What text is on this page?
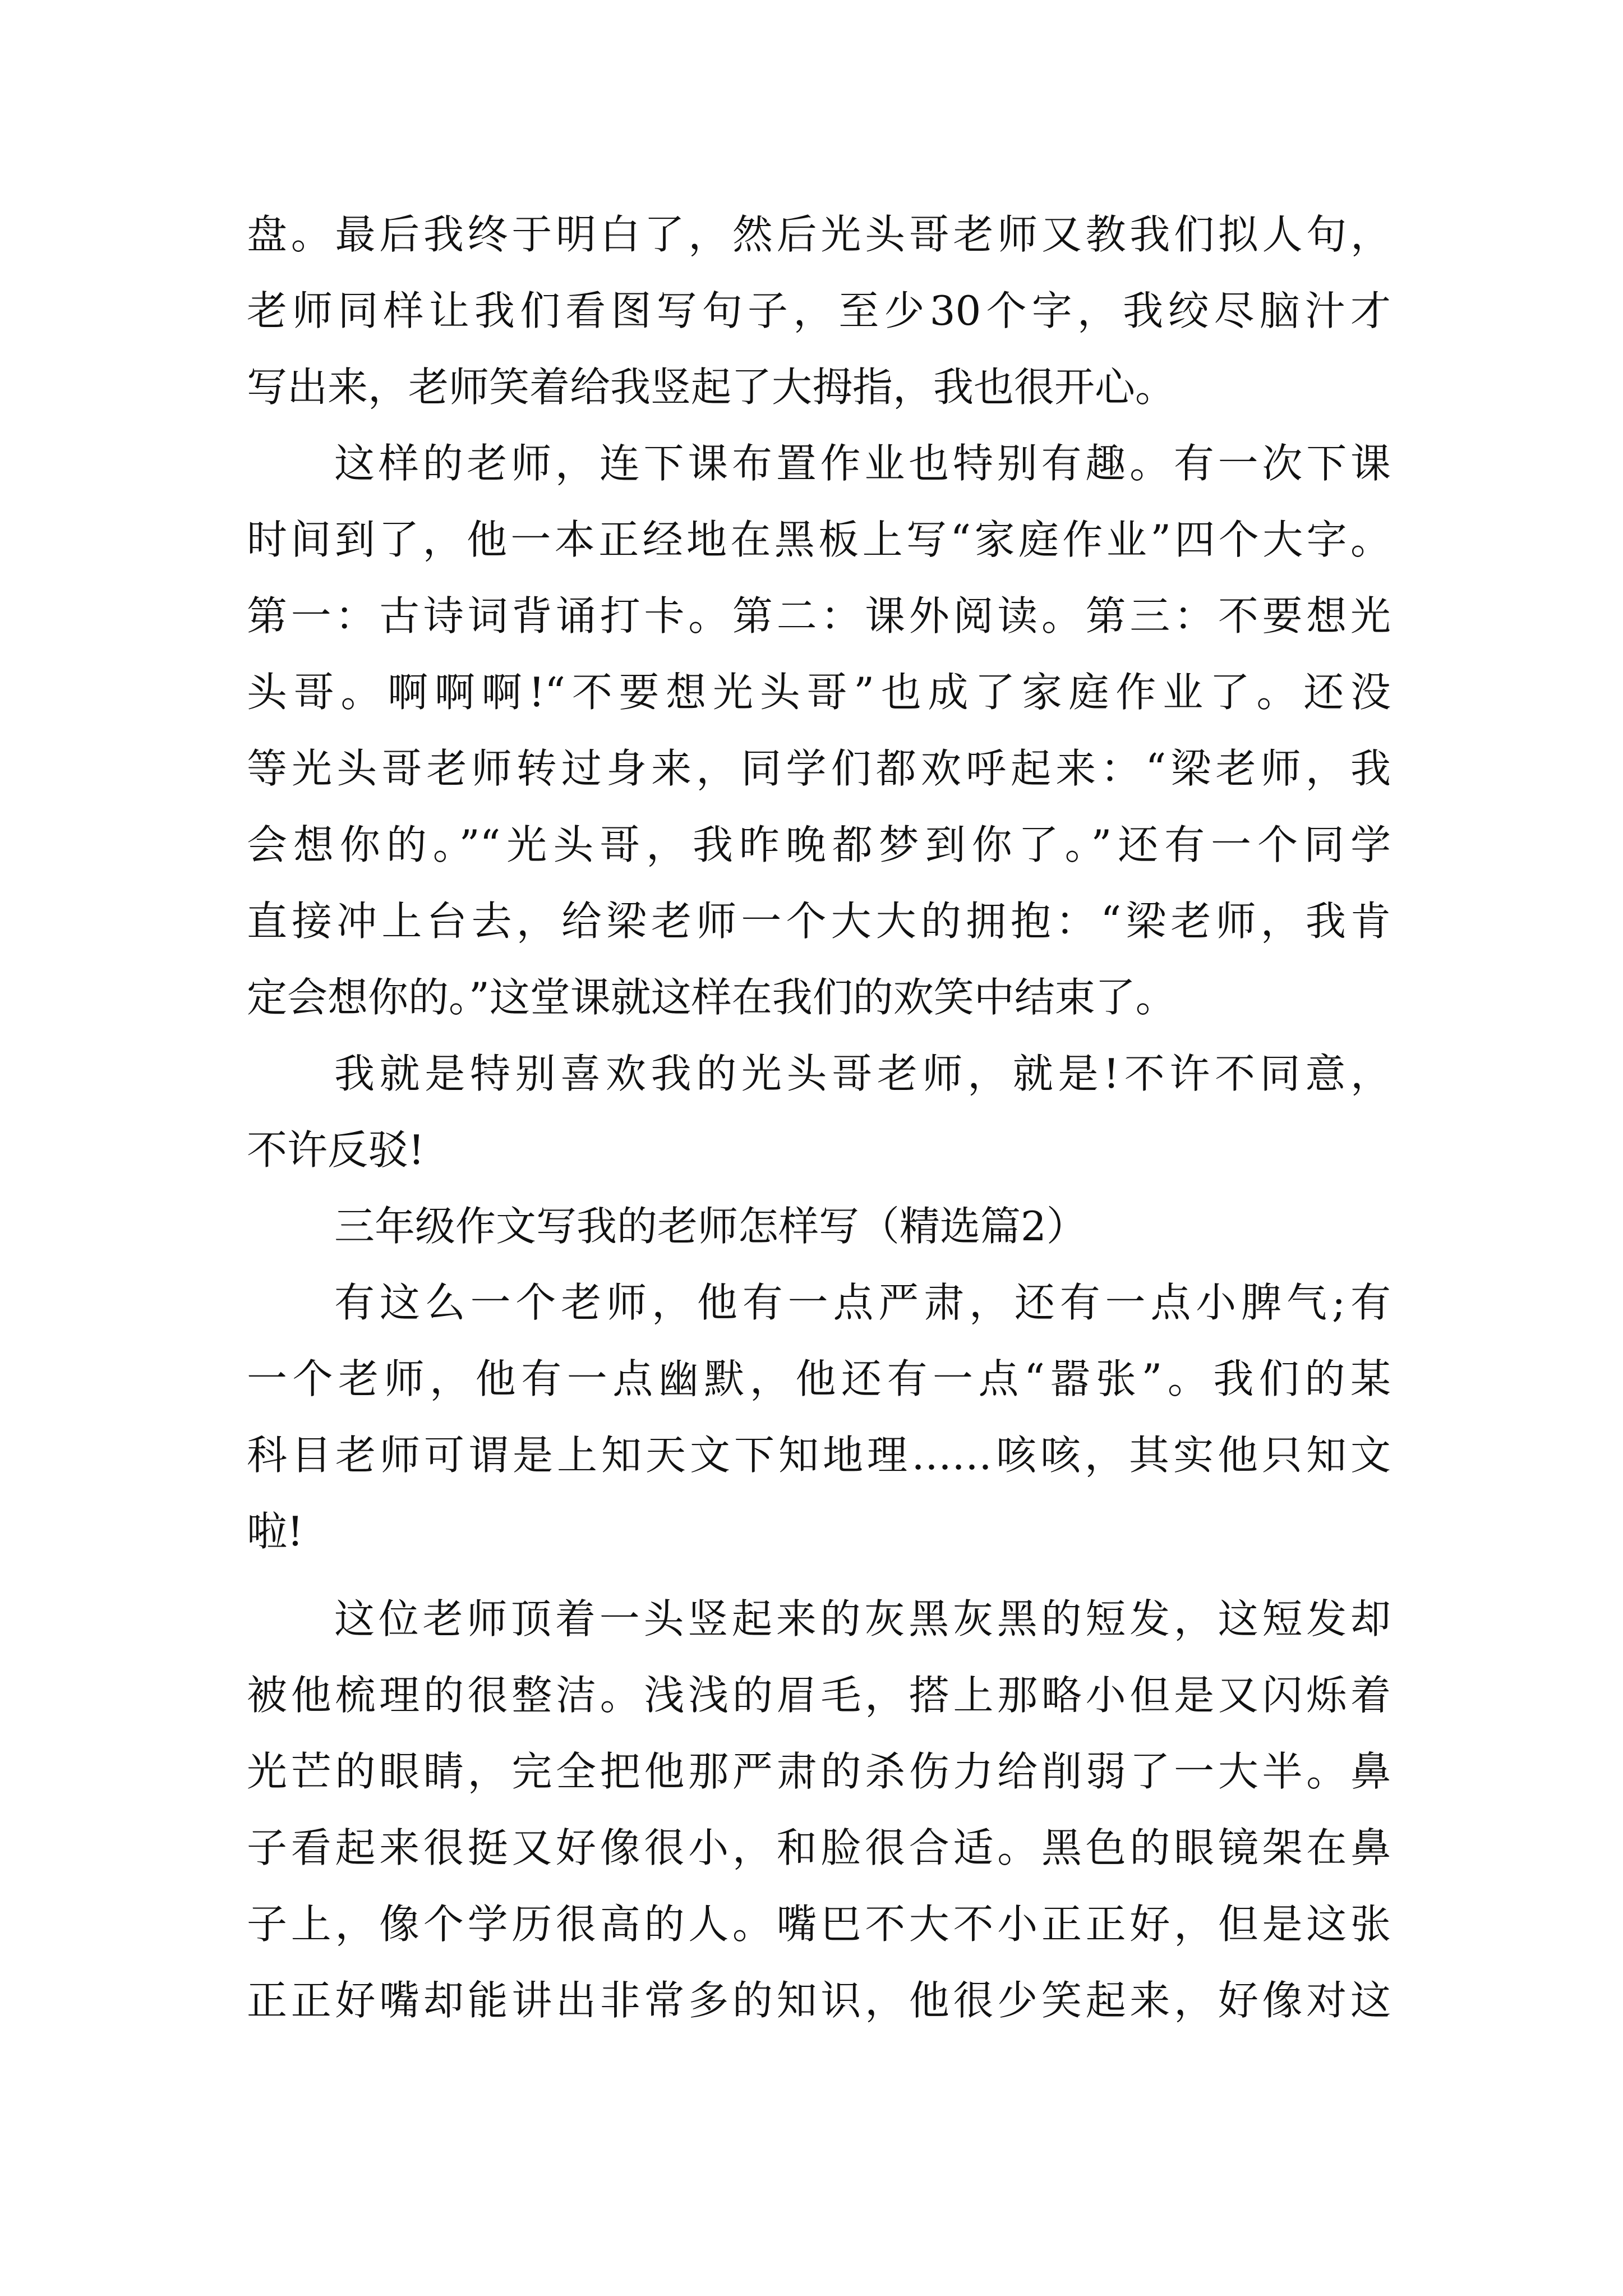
盘。最后我终于明白了，然后光头哥老师又教我们拟人句，
老师同样让我们看图写句子，至少30个字，我绞尽脑汁才
写出来，老师笑着给我竖起了大拇指，我也很开心。
这样的老师，连下课布置作业也特别有趣。有一次下课
时间到了，他一本正经地在黑板上写“家庭作业”四个大字。
第一：古诗词背诵打卡。第二：课外阅读。第三：不要想光
头哥。啊啊啊!“不要想光头哥”也成了家庭作业了。还没
等光头哥老师转过身来，同学们都欢呼起来：“梁老师，我
会想你的。”“光头哥，我昨晚都梦到你了。”还有一个同学
直接冲上台去，给梁老师一个大大的拥抱：“梁老师，我肯
定会想你的。”这堂课就这样在我们的欢笑中结束了。
我就是特别喜欢我的光头哥老师，就是!不许不同意，
不许反驳!
三年级作文写我的老师怎样写（精选篇2）
有这么一个老师，他有一点严肃，还有一点小脾气;有
一个老师，他有一点幽默，他还有一点“嚣张”。我们的某
科目老师可谓是上知天文下知地理……咳咳，其实他只知文
啦!
这位老师顶着一头竖起来的灰黑灰黑的短发，这短发却
被他梳理的很整洁。浅浅的眉毛，搭上那略小但是又闪烁着
光芒的眼睛，完全把他那严肃的杀伤力给削弱了一大半。鼻
子看起来很挺又好像很小，和脸很合适。黑色的眼镜架在鼻
子上，像个学历很高的人。嘴巴不大不小正正好，但是这张
正正好嘴却能讲出非常多的知识，他很少笑起来，好像对这
